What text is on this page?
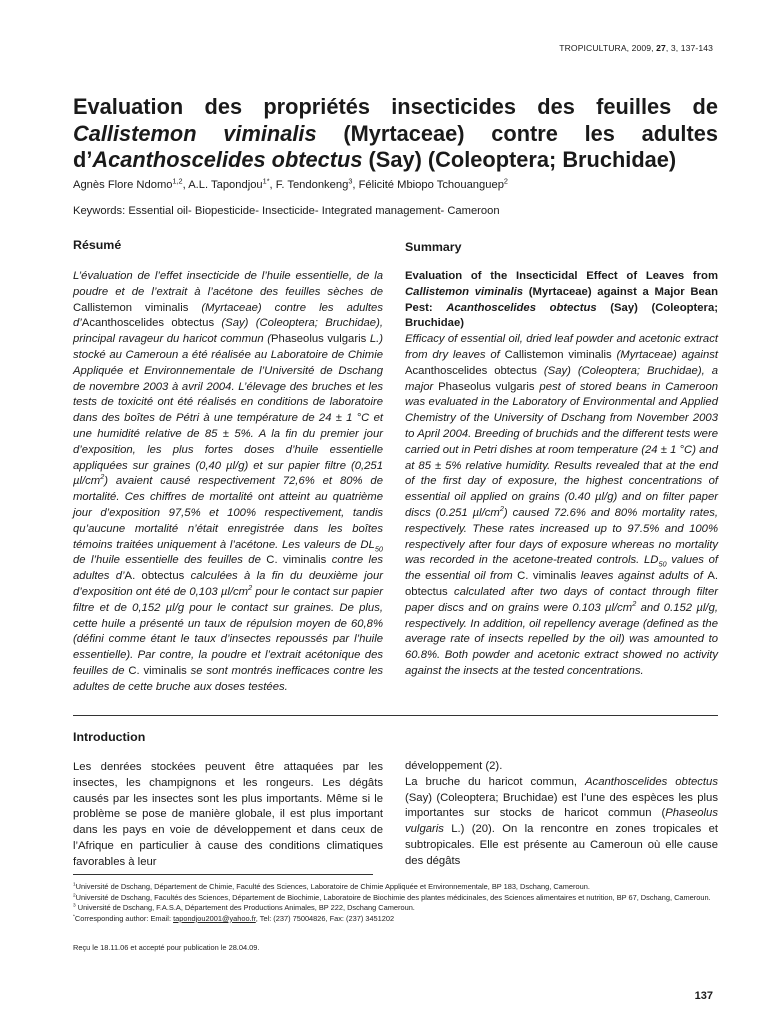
TROPICULTURA, 2009, 27, 3, 137-143
Evaluation des propriétés insecticides des feuilles de Callistemon viminalis (Myrtaceae) contre les adultes d’Acanthoscelides obtectus (Say) (Coleoptera; Bruchidae)
Agnès Flore Ndomo$^{1,2}$, A.L. Tapondjou$^{1*}$, F. Tendonkeng$^3$, Félicité Mbiopo Tchouanguep$^2$
Keywords: Essential oil- Biopesticide- Insecticide- Integrated management- Cameroon
Résumé

L’évaluation de l’effet insecticide de l’huile essentielle, de la poudre et de l’extrait à l’acétone des feuilles sèches de Callistemon viminalis (Myrtaceae) contre les adultes d’Acanthoscelides obtectus (Say) (Coleoptera; Bruchidae), principal ravageur du haricot commun (Phaseolus vulgaris L.) stocké au Cameroun a été réalisée au Laboratoire de Chimie Appliquée et Environnementale de l’Université de Dschang de novembre 2003 à avril 2004. L’élevage des bruches et les tests de toxicité ont été réalisés en conditions de laboratoire dans des boîtes de Pétri à une température de 24 ± 1 °C et une humidité relative de 85 ± 5%. A la fin du premier jour d’exposition, les plus fortes doses d’huile essentielle appliquées sur graines (0,40 µl/g) et sur papier filtre (0,251 $\mu l/cm^2$) avaient causé respectivement 72,6% et 80% de mortalité. Ces chiffres de mortalité ont atteint au quatrième jour d’exposition 97,5% et 100% respectivement, tandis qu’aucune mortalité n’était enregistrée dans les boîtes témoins traitées uniquement à l’acétone. Les valeurs de $DL_{50}$ de l’huile essentielle des feuilles de C. viminalis contre les adultes d’A. obtectus calculées à la fin du deuxième jour d’exposition ont été de 0,103 $\mu l/cm^2$ pour le contact sur papier filtre et de 0,152 µl/g pour le contact sur graines. De plus, cette huile a présenté un taux de répulsion moyen de 60,8% (défini comme étant le taux d’insectes repoussés par l’huile essentielle). Par contre, la poudre et l’extrait acétonique des feuilles de C. viminalis se sont montrés inefficaces contre les adultes de cette bruche aux doses testées.

Summary

Evaluation of the Insecticidal Effect of Leaves from Callistemon viminalis (Myrtaceae) against a Major Bean Pest: Acanthoscelides obtectus (Say) (Coleoptera; Bruchidae)

Efficacy of essential oil, dried leaf powder and acetonic extract from dry leaves of Callistemon viminalis (Myrtaceae) against Acanthoscelides obtectus (Say) (Coleoptera; Bruchidae), a major Phaseolus vulgaris pest of stored beans in Cameroon was evaluated in the Laboratory of Environmental and Applied Chemistry of the University of Dschang from November 2003 to April 2004. Breeding of bruchids and the different tests were carried out in Petri dishes at room temperature (24 ± 1 °C) and at 85 ± 5% relative humidity. Results revealed that at the end of the first day of exposure, the highest concentrations of essential oil applied on grains (0.40 µl/g) and on filter paper discs (0.251 $\mu l/cm^2$) caused 72.6% and 80% mortality rates, respectively. These rates increased up to 97.5% and 100% respectively after four days of exposure whereas no mortality was recorded in the acetone-treated controls. $LD_{50}$ values of the essential oil from C. viminalis leaves against adults of A. obtectus calculated after two days of contact through filter paper discs and on grains were 0.103 $\mu l/cm^2$ and 0.152 µl/g, respectively. In addition, oil repellency average (defined as the average rate of insects repelled by the oil) was amounted to 60.8%. Both powder and acetonic extract showed no activity against the insects at the tested concentrations.

Introduction

Les denrées stockées peuvent être attaquées par les insectes, les champignons et les rongeurs. Les dégâts causés par les insectes sont les plus importants. Même si le problème se pose de manière globale, il est plus important dans les pays en voie de développement et dans ceux de l’Afrique en particulier à cause des conditions climatiques favorables à leur

développement (2).

La bruche du haricot commun, Acanthoscelides obtectus (Say) (Coleoptera; Bruchidae) est l’une des espèces les plus importantes sur stocks de haricot commun (Phaseolus vulgaris L.) (20). On la rencontre en zones tropicales et subtropicales. Elle est présente au Cameroun où elle cause des dégâts

$^1$Université de Dschang, Département de Chimie, Faculté des Sciences, Laboratoire de Chimie Appliquée et Environnementale, BP 183, Dschang, Cameroun.

$^2$Université de Dschang, Facultés des Sciences, Département de Biochimie, Laboratoire de Biochimie des plantes médicinales, des Sciences alimentaires et nutrition, BP 67, Dschang, Cameroun.

$^3$ Université de Dschang, F.A.S.A, Département des Productions Animales, BP 222, Dschang Cameroun.

*Corresponding author: Email: tapondjou2001@yahoo.fr, Tel: (237) 75004826, Fax: (237) 3451202

Reçu le 18.11.06 et accepté pour publication le 28.04.09.
137
